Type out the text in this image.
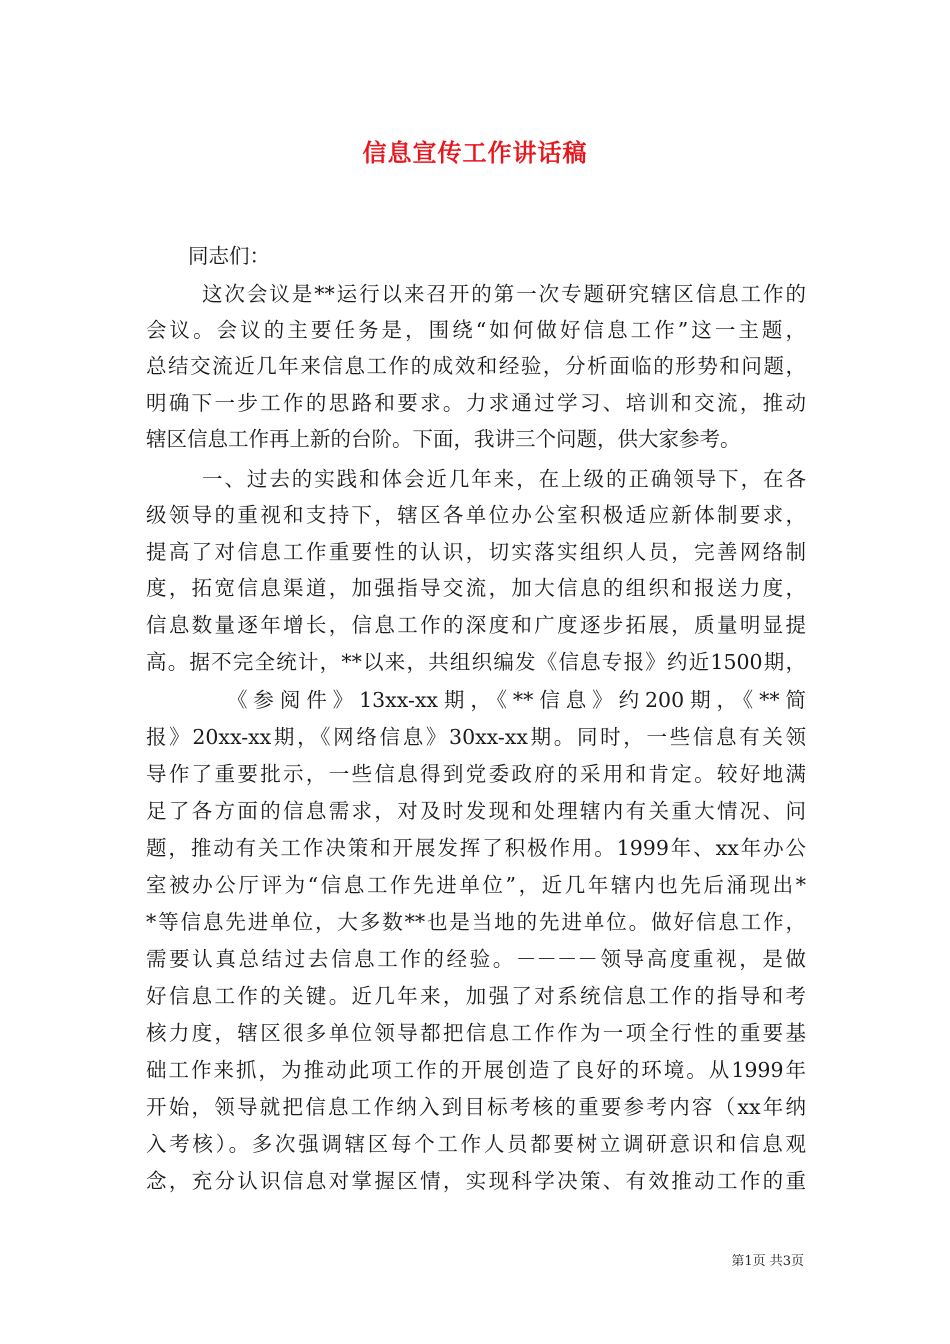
信息宣传工作讲话稿
同志们：
这次会议是**运行以来召开的第一次专题研究辖区信息工作的
会议。会议的主要任务是，围绕“如何做好信息工作”这一主题，
总结交流近几年来信息工作的成效和经验，分析面临的形势和问题，
明确下一步工作的思路和要求。力求通过学习、培训和交流，推动
辖区信息工作再上新的台阶。下面，我讲三个问题，供大家参考。
一、过去的实践和体会近几年来，在上级的正确领导下，在各
级领导的重视和支持下，辖区各单位办公室积极适应新体制要求，
提高了对信息工作重要性的认识，切实落实组织人员，完善网络制
度，拓宽信息渠道，加强指导交流，加大信息的组织和报送力度，
信息数量逐年增长，信息工作的深度和广度逐步拓展，质量明显提
高。据不完全统计，**以来，共组织编发《信息专报》约近1500期，
《参阅件》13xx-xx期，《**信息》约200期，《**简
报》20xx-xx期，《网络信息》30xx-xx期。同时，一些信息有关领
导作了重要批示，一些信息得到党委政府的采用和肯定。较好地满
足了各方面的信息需求，对及时发现和处理辖内有关重大情况、问
题，推动有关工作决策和开展发挥了积极作用。1999年、xx年办公
室被办公厅评为“信息工作先进单位”，近几年辖内也先后涌现出*
*等信息先进单位，大多数**也是当地的先进单位。做好信息工作，
需要认真总结过去信息工作的经验。－－－－领导高度重视，是做
好信息工作的关键。近几年来，加强了对系统信息工作的指导和考
核力度，辖区很多单位领导都把信息工作作为一项全行性的重要基
础工作来抓，为推动此项工作的开展创造了良好的环境。从1999年
开始，领导就把信息工作纳入到目标考核的重要参考内容（xx年纳
入考核）。多次强调辖区每个工作人员都要树立调研意识和信息观
念，充分认识信息对掌握区情，实现科学决策、有效推动工作的重
第1页 共3页
